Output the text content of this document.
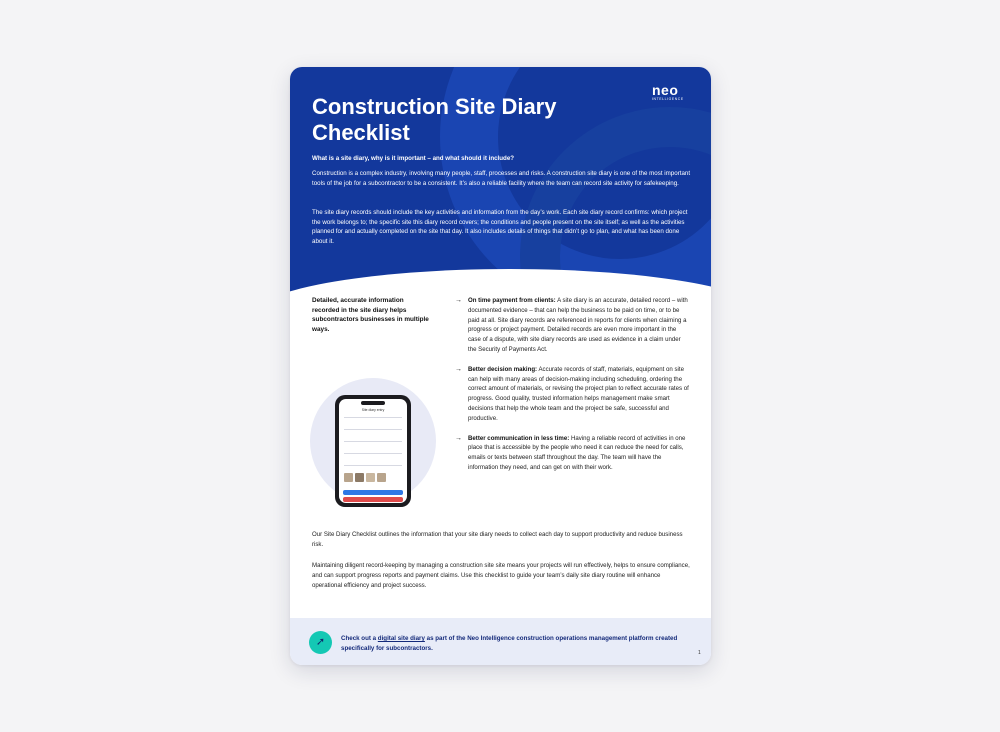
neo
INTELLIGENCE
Construction Site Diary Checklist

What is a site diary, why is it important – and what should it include?

Construction is a complex industry, involving many people, staff, processes and risks. A construction site diary is one of the most important tools of the job for a subcontractor to be a consistent. It’s also a reliable facility where the team can record site activity for safekeeping.

The site diary records should include the key activities and information from the day’s work. Each site diary record confirms: which project the work belongs to; the specific site this diary record covers; the conditions and people present on the site itself; as well as the activities planned for and actually completed on the site that day. It also includes details of things that didn’t go to plan, and what has been done about it.

Detailed, accurate information recorded in the site diary helps subcontractors businesses in multiple ways.

→ On time payment from clients: A site diary is an accurate, detailed record – with documented evidence – that can help the business to be paid on time, or to be paid at all. Site diary records are referenced in reports for clients when claiming a progress or project payment. Detailed records are even more important in the case of a dispute, with site diary records are used as evidence in a claim under the Security of Payments Act.
→ Better decision making: Accurate records of staff, materials, equipment on site can help with many areas of decision-making including scheduling, ordering the correct amount of materials, or revising the project plan to reflect accurate rates of progress. Good quality, trusted information helps management make smart decisions that help the whole team and the project be safe, successful and productive.
→ Better communication in less time: Having a reliable record of activities in one place that is accessible by the people who need it can reduce the need for calls, emails or texts between staff throughout the day. The team will have the information they need, and can get on with their work.
Site diary entry

Our Site Diary Checklist outlines the information that your site diary needs to collect each day to support productivity and reduce business risk.

Maintaining diligent record-keeping by managing a construction site site means your projects will run effectively, helps to ensure compliance, and can support progress reports and payment claims. Use this checklist to guide your team’s daily site diary routine will enhance operational efficiency and project success.

➚	Check out a digital site diary as part of the Neo Intelligence construction operations management platform created specifically for subcontractors.

1
